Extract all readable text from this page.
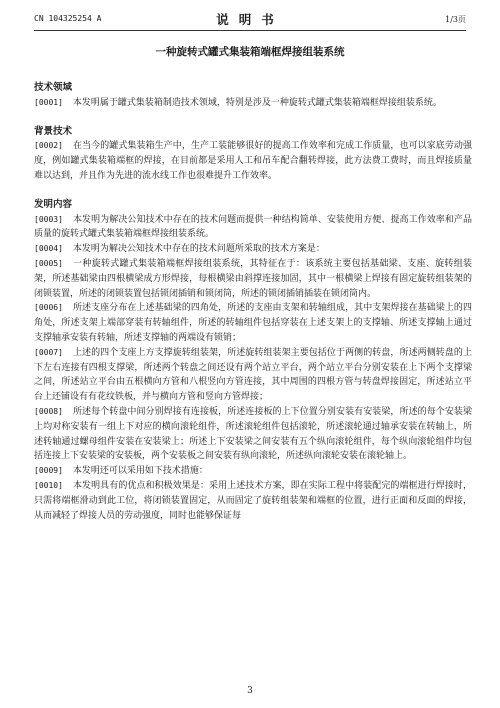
CN 104325254 A	说明书	1/3页
一种旋转式罐式集装箱端框焊接组装系统

技术领域

[0001] 本发明属于罐式集装箱制造技术领域，特别是涉及一种旋转式罐式集装箱端框焊接组装系统。

背景技术

[0002] 在当今的罐式集装箱生产中，生产工装能够很好的提高工作效率和完成工作质量，也可以家底劳动强度，例如罐式集装箱端框的焊接，在目前都是采用人工和吊车配合翻转焊接，此方法费工费时，而且焊接质量难以达到，并且作为先进的流水线工作也很难提升工作效率。

发明内容

[0003] 本发明为解决公知技术中存在的技术问题而提供一种结构简单、安装使用方便、提高工作效率和产品质量的旋转式罐式集装箱端框焊接组装系统。

[0004] 本发明为解决公知技术中存在的技术问题所采取的技术方案是：

[0005] 一种旋转式罐式集装箱端框焊接组装系统，其特征在于：该系统主要包括基础梁、支座、旋转组装架，所述基础梁由四根横梁成方形焊接，每根横梁由斜撑连接加固，其中一根横梁上焊接有固定旋转组装架的闭锁装置，所述的闭锁装置包括锁闭插销和锁闭筒，所述的锁闭插销插装在锁闭筒内。

[0006] 所述支座分布在上述基础梁的四角处，所述的支座由支架和转轴组成，其中支架焊接在基础梁上的四角处，所述支架上端部穿装有转轴组件，所述的转轴组件包括穿装在上述支架上的支撑轴、所述支撑轴上通过支撑轴承安装有转轴，所述支撑轴的两端设有锁销；

[0007] 上述的四个支座上方支撑旋转组装架，所述旋转组装架主要包括位于两侧的转盘，所述两侧转盘的上下左右连接有四根支撑梁，所述两个转盘之间还设有两个站立平台，两个站立平台分别安装在上下两个支撑梁之间，所述站立平台由五根横向方管和八根竖向方管连接，其中周围的四根方管与转盘焊接固定，所述站立平台上还铺设有有花纹铁板，并与横向方管和竖向方管焊接；

[0008] 所述每个转盘中间分别焊接有连接板，所述连接板的上下位置分别安装有安装梁，所述的每个安装梁上均对称安装有一组上下对应的横向滚轮组件，所述滚轮组件包括滚轮，所述滚轮通过轴承安装在转轴上，所述转轴通过螺母组件安装在安装梁上；所述上下安装梁之间安装有五个纵向滚轮组件，每个纵向滚轮组件均包括连接上下安装梁的安装板，两个安装板之间安装有纵向滚轮，所述纵向滚轮安装在滚轮轴上。

[0009] 本发明还可以采用如下技术措施：

[0010] 本发明具有的优点和积极效果是：采用上述技术方案，即在实际工程中将装配完的端框进行焊接时，只需将端框滑动到此工位，将闭锁装置固定，从而固定了旋转组装架和端框的位置，进行正面和反面的焊接，从而减轻了焊接人员的劳动强度，同时也能够保证每

3
